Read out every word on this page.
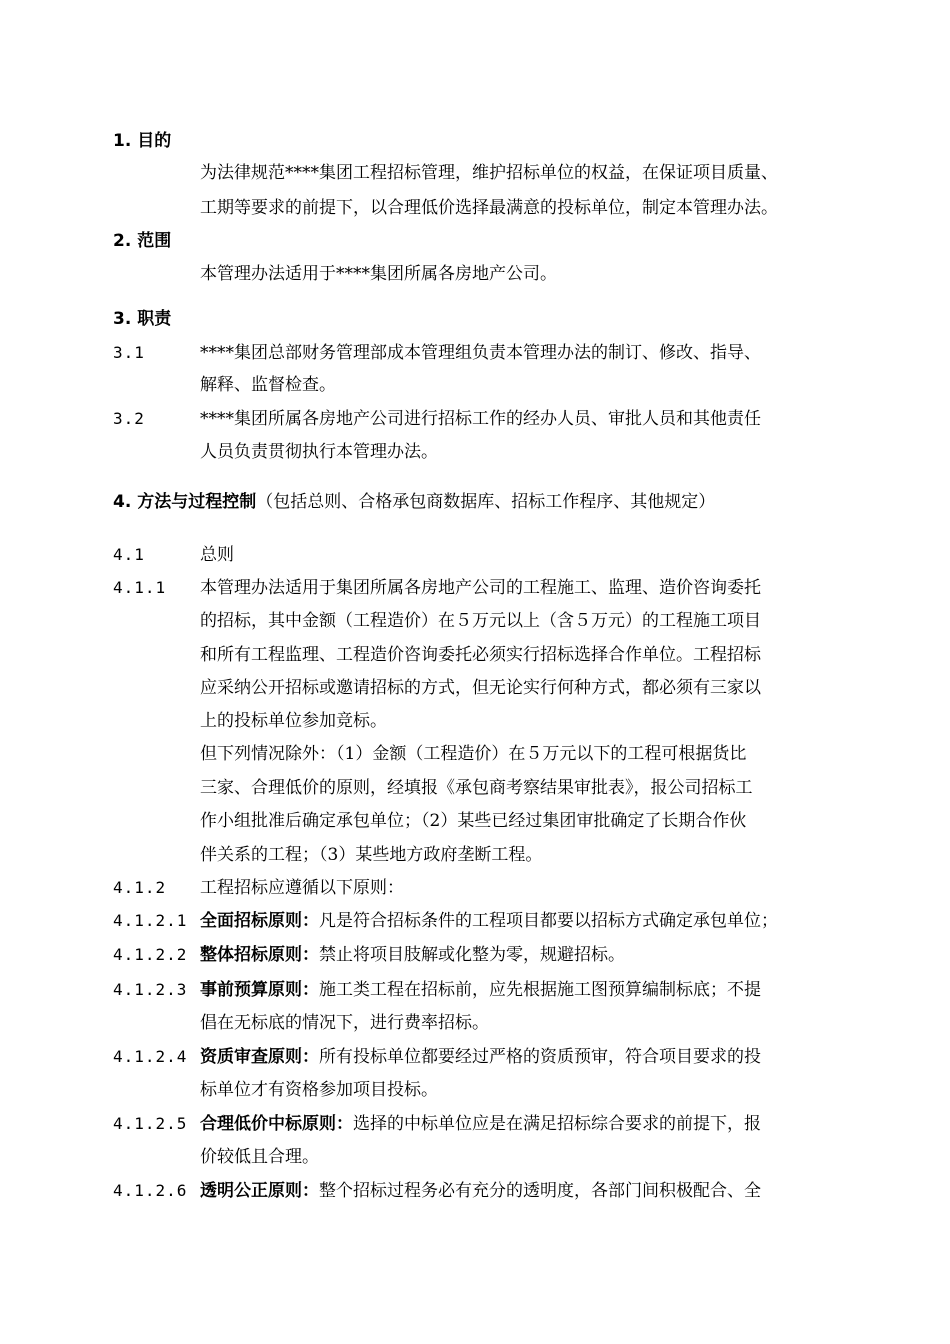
1. 目的
为法律规范****集团工程招标管理，维护招标单位的权益，在保证项目质量、
工期等要求的前提下，以合理低价选择最满意的投标单位，制定本管理办法。
2. 范围
本管理办法适用于****集团所属各房地产公司。
3. 职责
3.1	****集团总部财务管理部成本管理组负责本管理办法的制订、修改、指导、
解释、监督检查。
3.2	****集团所属各房地产公司进行招标工作的经办人员、审批人员和其他责任
人员负责贯彻执行本管理办法。
4. 方法与过程控制（包括总则、合格承包商数据库、招标工作程序、其他规定）
4.1	总则
4.1.1 本管理办法适用于集团所属各房地产公司的工程施工、监理、造价咨询委托
的招标，其中金额（工程造价）在５万元以上（含５万元）的工程施工项目
和所有工程监理、工程造价咨询委托必须实行招标选择合作单位。工程招标
应采纳公开招标或邀请招标的方式，但无论实行何种方式，都必须有三家以
上的投标单位参加竞标。
但下列情况除外：（1）金额（工程造价）在５万元以下的工程可根据货比
三家、合理低价的原则，经填报《承包商考察结果审批表》，报公司招标工
作小组批准后确定承包单位；（2）某些已经过集团审批确定了长期合作伙
伴关系的工程；（3）某些地方政府垄断工程。
4.1.2 工程招标应遵循以下原则：
4.1.2.1 全面招标原则：凡是符合招标条件的工程项目都要以招标方式确定承包单位；
4.1.2.2 整体招标原则：禁止将项目肢解或化整为零，规避招标。
4.1.2.3 事前预算原则：施工类工程在招标前，应先根据施工图预算编制标底；不提
倡在无标底的情况下，进行费率招标。
4.1.2.4 资质审查原则：所有投标单位都要经过严格的资质预审，符合项目要求的投
标单位才有资格参加项目投标。
4.1.2.5 合理低价中标原则：选择的中标单位应是在满足招标综合要求的前提下，报
价较低且合理。
4.1.2.6 透明公正原则：整个招标过程务必有充分的透明度，各部门间积极配合、全
